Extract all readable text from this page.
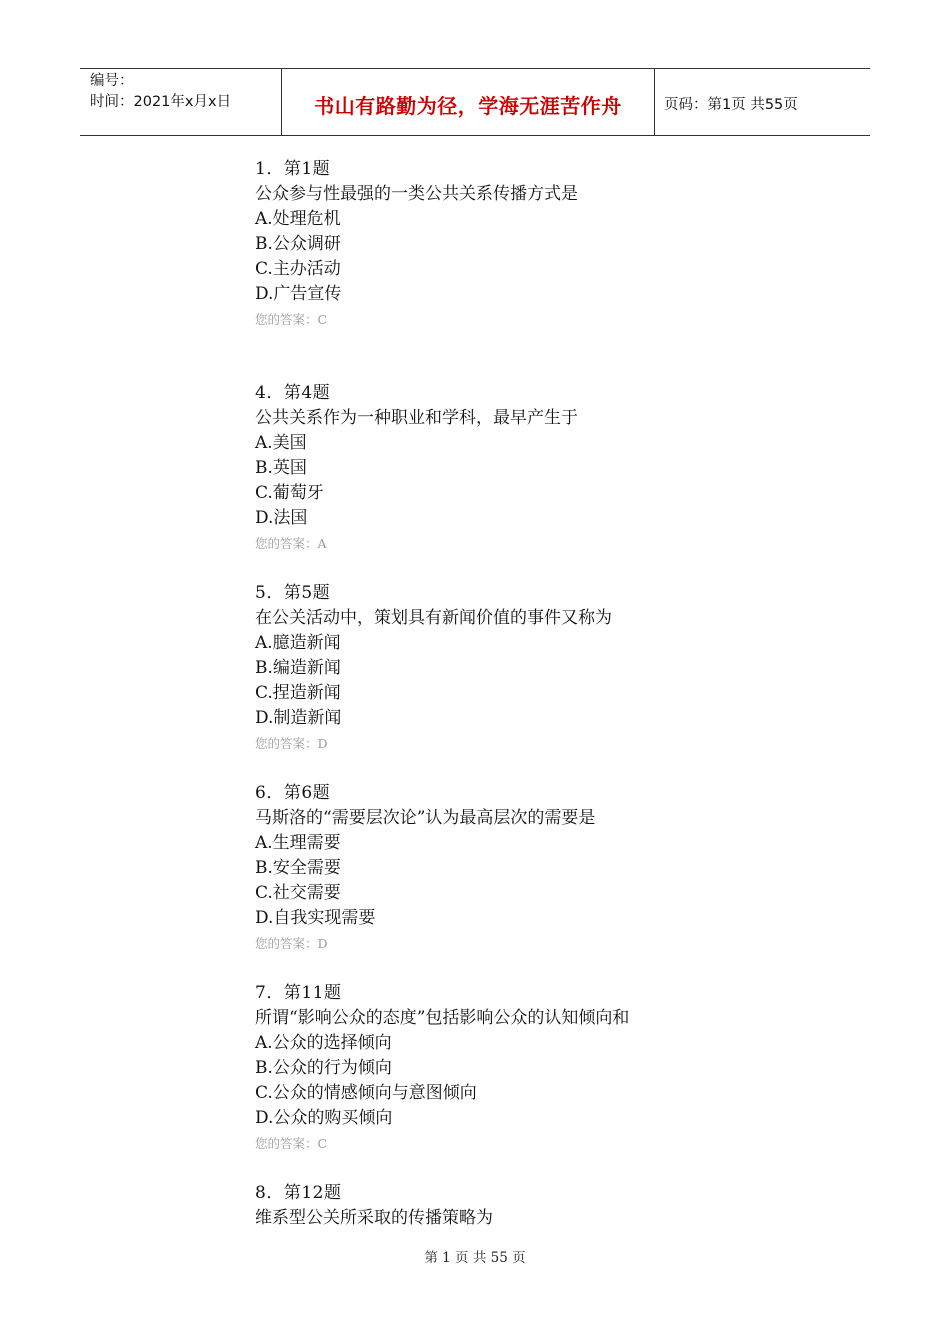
编号：
时间：2021年x月x日	书山有路勤为径，学海无涯苦作舟	页码：第1页 共55页
1．第1题
公众参与性最强的一类公共关系传播方式是
A.处理危机
B.公众调研
C.主办活动
D.广告宣传
您的答案：C
4．第4题
公共关系作为一种职业和学科，最早产生于
A.美国
B.英国
C.葡萄牙
D.法国
您的答案：A
5．第5题
在公关活动中，策划具有新闻价值的事件又称为
A.臆造新闻
B.编造新闻
C.捏造新闻
D.制造新闻
您的答案：D
6．第6题
马斯洛的“需要层次论”认为最高层次的需要是
A.生理需要
B.安全需要
C.社交需要
D.自我实现需要
您的答案：D
7．第11题
所谓“影响公众的态度”包括影响公众的认知倾向和
A.公众的选择倾向
B.公众的行为倾向
C.公众的情感倾向与意图倾向
D.公众的购买倾向
您的答案：C
8．第12题
维系型公关所采取的传播策略为
第 1 页 共 55 页
